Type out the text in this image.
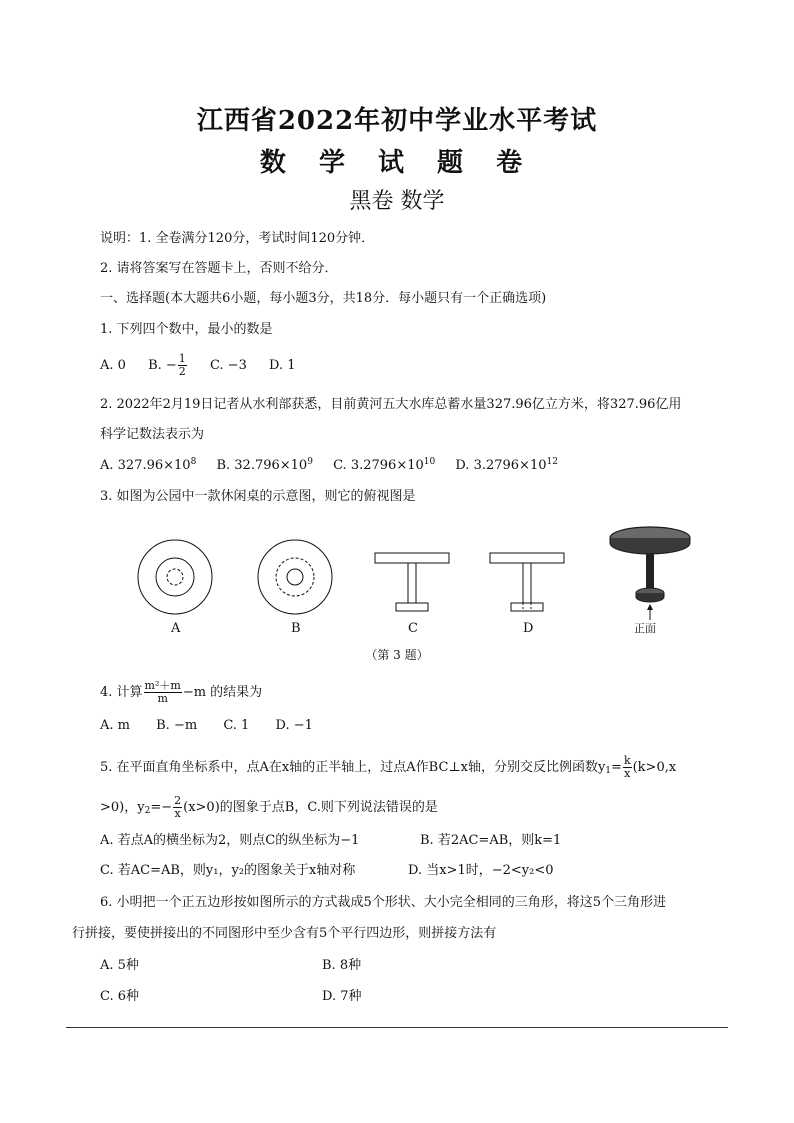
江西省2022年初中学业水平考试
数 学 试 题 卷
黑卷 数学
说明：1. 全卷满分120分，考试时间120分钟．
2. 请将答案写在答题卡上，否则不给分．
一、选择题(本大题共6小题，每小题3分，共18分．每小题只有一个正确选项)
1. 下列四个数中，最小的数是
A. 0 B. − $\frac{1}{2} C$. −3 D. 1
2. 2022年2月19日记者从水利部获悉，目前黄河五大水库总蓄水量327.96亿立方米，将327.96亿用
科学记数法表示为
A. $327.96\times 10^8$ B. $32.796\times 10^9$ C. $3.2796\times 10^{10}$ D. $3.2796\times 10^{12}$
3. 如图为公园中一款休闲桌的示意图，则它的俯视图是
A	B	C	D	正面
（第 3 题）
4. 计算 $\frac{\text{m²＋m}}{m} -m$ 的结果为
A. m B. −m C. 1 D. −1
5. 在平面直角坐标系中，点A在x轴的正半轴上，过点A作BC⊥x轴，分别交反比例函数$y_1= \frac{k}{x} (k>0,x$
>0)，$y_2=- \frac{2}{x} (x>0)$的图象于点B，C.则下列说法错误的是
A. 若点A的横坐标为2，则点C的纵坐标为−1	B. 若2AC=AB，则k=1
C. 若AC=AB，则y₁，y₂的图象关于x轴对称	D. 当x>1时，−2<y₂<0
6. 小明把一个正五边形按如图所示的方式裁成5个形状、大小完全相同的三角形，将这5个三角形进
行拼接，要使拼接出的不同图形中至少含有5个平行四边形，则拼接方法有
A. 5种	B. 8种
C. 6种	D. 7种
